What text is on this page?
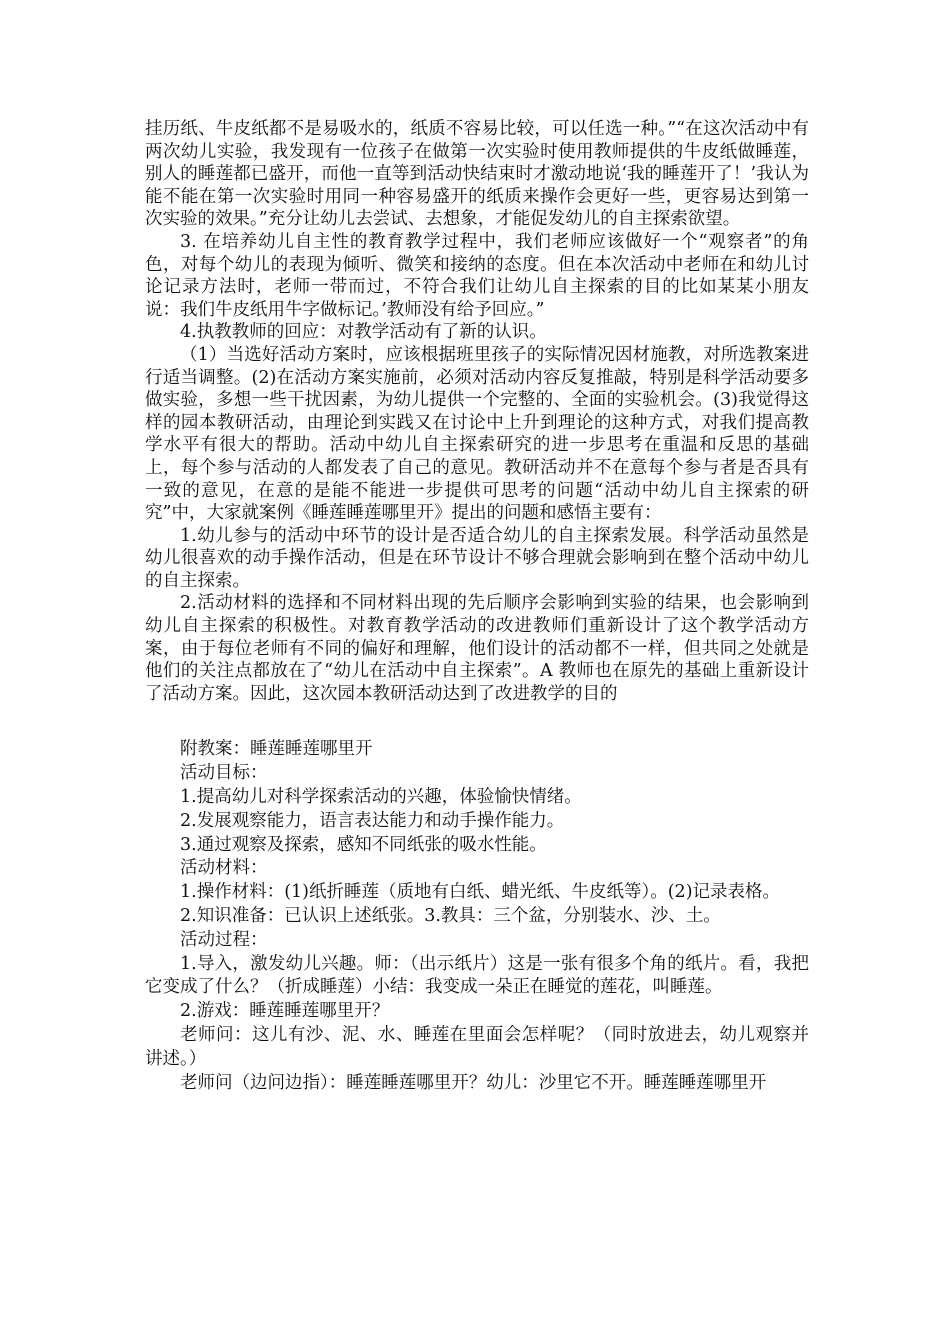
挂历纸、牛皮纸都不是易吸水的，纸质不容易比较，可以任选一种。”“在这次活动中有两次幼儿实验，我发现有一位孩子在做第一次实验时使用教师提供的牛皮纸做睡莲，别人的睡莲都已盛开，而他一直等到活动快结束时才激动地说‘我的睡莲开了！’我认为能不能在第一次实验时用同一种容易盛开的纸质来操作会更好一些，更容易达到第一次实验的效果。”充分让幼儿去尝试、去想象，才能促发幼儿的自主探索欲望。

3. 在培养幼儿自主性的教育教学过程中，我们老师应该做好一个“观察者”的角色，对每个幼儿的表现为倾听、微笑和接纳的态度。但在本次活动中老师在和幼儿讨论记录方法时，老师一带而过，不符合我们让幼儿自主探索的目的比如某某小朋友说：我们牛皮纸用牛字做标记。’教师没有给予回应。”

4.执教教师的回应：对教学活动有了新的认识。

（1）当选好活动方案时，应该根据班里孩子的实际情况因材施教，对所选教案进行适当调整。(2)在活动方案实施前，必须对活动内容反复推敲，特别是科学活动要多做实验，多想一些干扰因素，为幼儿提供一个完整的、全面的实验机会。(3)我觉得这样的园本教研活动，由理论到实践又在讨论中上升到理论的这种方式，对我们提高教学水平有很大的帮助。活动中幼儿自主探索研究的进一步思考在重温和反思的基础上，每个参与活动的人都发表了自己的意见。教研活动并不在意每个参与者是否具有一致的意见，在意的是能不能进一步提供可思考的问题“活动中幼儿自主探索的研究”中，大家就案例《睡莲睡莲哪里开》提出的问题和感悟主要有：

1.幼儿参与的活动中环节的设计是否适合幼儿的自主探索发展。科学活动虽然是幼儿很喜欢的动手操作活动，但是在环节设计不够合理就会影响到在整个活动中幼儿的自主探索。

2.活动材料的选择和不同材料出现的先后顺序会影响到实验的结果，也会影响到幼儿自主探索的积极性。对教育教学活动的改进教师们重新设计了这个教学活动方案，由于每位老师有不同的偏好和理解，他们设计的活动都不一样，但共同之处就是他们的关注点都放在了“幼儿在活动中自主探索”。A 教师也在原先的基础上重新设计了活动方案。因此，这次园本教研活动达到了改进教学的目的

附教案：睡莲睡莲哪里开

活动目标：

1.提高幼儿对科学探索活动的兴趣，体验愉快情绪。

2.发展观察能力，语言表达能力和动手操作能力。

3.通过观察及探索，感知不同纸张的吸水性能。

活动材料：

1.操作材料：(1)纸折睡莲（质地有白纸、蜡光纸、牛皮纸等）。(2)记录表格。

2.知识准备：已认识上述纸张。3.教具：三个盆，分别装水、沙、土。

活动过程：

1.导入，激发幼儿兴趣。师：（出示纸片）这是一张有很多个角的纸片。看，我把它变成了什么？（折成睡莲）小结：我变成一朵正在睡觉的莲花，叫睡莲。

2.游戏：睡莲睡莲哪里开？

老师问：这儿有沙、泥、水、睡莲在里面会怎样呢？（同时放进去，幼儿观察并讲述。）

老师问（边问边指）：睡莲睡莲哪里开？幼儿：沙里它不开。睡莲睡莲哪里开
